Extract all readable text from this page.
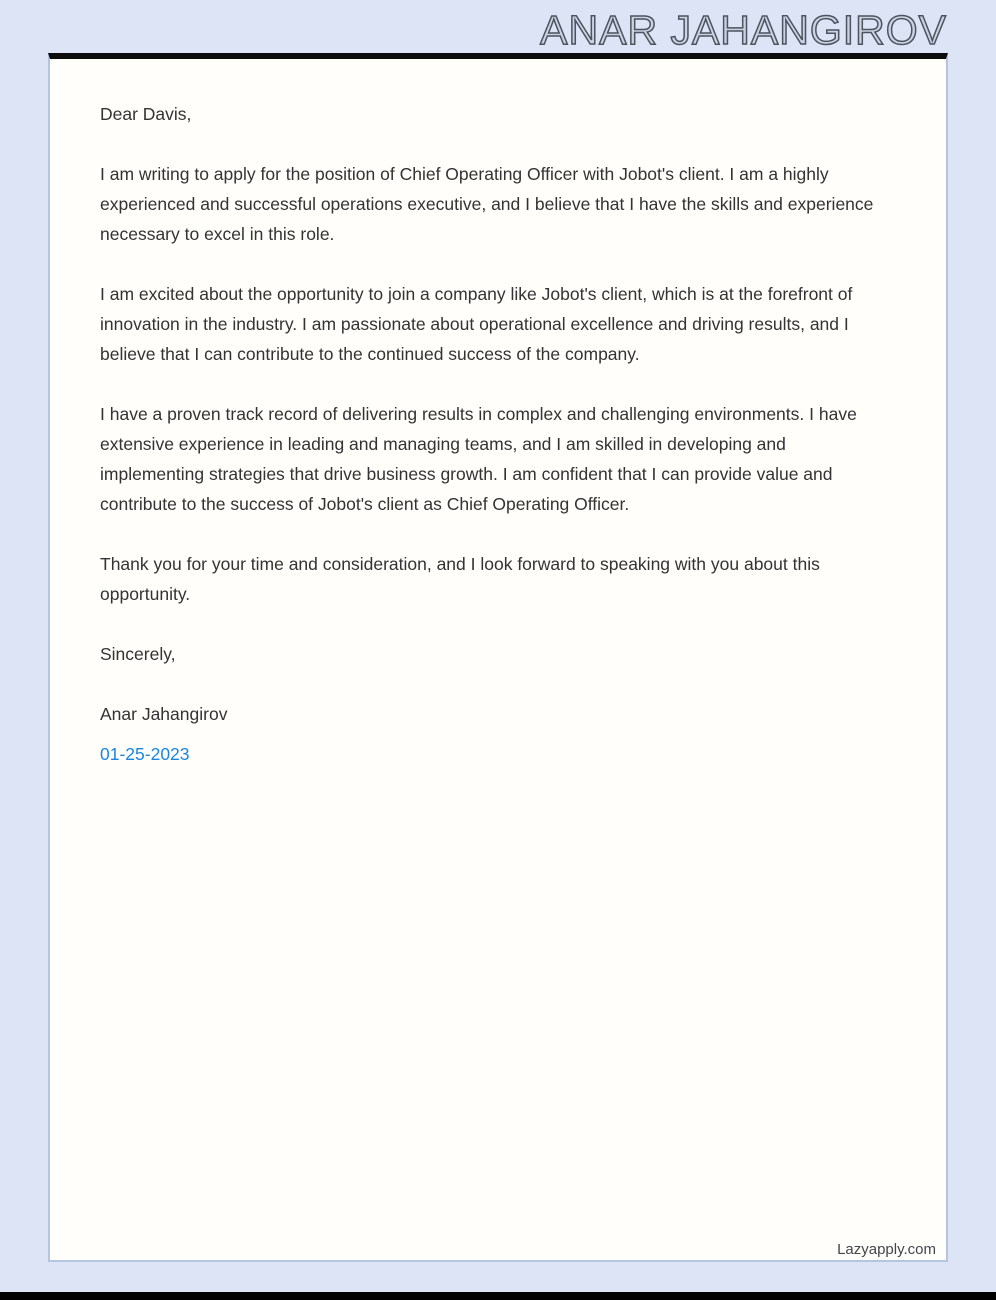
ANAR JAHANGIROV

Dear Davis,

I am writing to apply for the position of Chief Operating Officer with Jobot's client. I am a highly experienced and successful operations executive, and I believe that I have the skills and experience necessary to excel in this role.

I am excited about the opportunity to join a company like Jobot's client, which is at the forefront of innovation in the industry. I am passionate about operational excellence and driving results, and I believe that I can contribute to the continued success of the company.

I have a proven track record of delivering results in complex and challenging environments. I have extensive experience in leading and managing teams, and I am skilled in developing and implementing strategies that drive business growth. I am confident that I can provide value and contribute to the success of Jobot's client as Chief Operating Officer.

Thank you for your time and consideration, and I look forward to speaking with you about this opportunity.

Sincerely,

Anar Jahangirov

01-25-2023

Lazyapply.com
